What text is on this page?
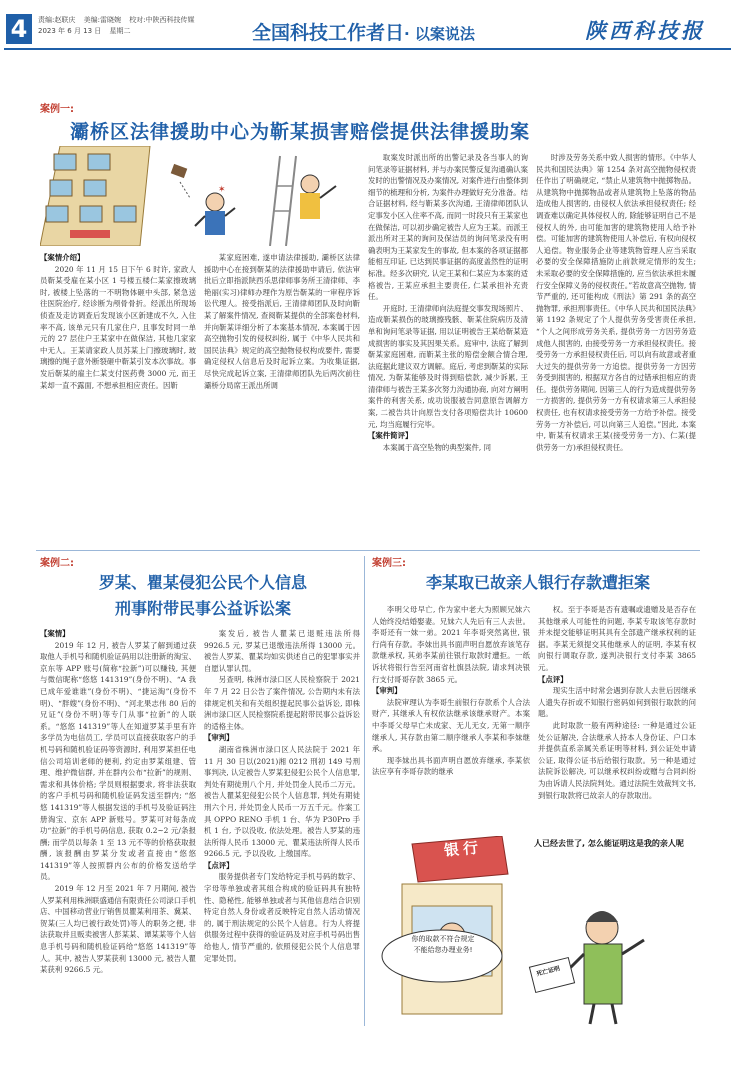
4	责编:赵联庆 美编:雷晓婉 校对:中陕西科技传媒
2023 年 6 月 13 日 星期二	全国科技工作者日· 以案说法	陕西科技报
案例一:
灞桥区法律援助中心为靳某损害赔偿提供法律援助案
✶
【案情介绍】

2020 年 11 月 15 日下午 6 时许, 家政人员靳某受雇在某小区 1 号楼五楼仁某家擦玻璃时, 被楼上坠落的一不明物体砸中头部, 紧急送往医院治疗, 经诊断为颅骨骨折。经派出所现场侦查及走访调查后发现该小区新建成不久, 入住率不高, 该单元只有几家住户, 且事发时同一单元的 27 层住户王某家中在做保洁, 其他几家家中无人。王某请家政人员苏某上门擦玻璃时, 玻璃擦的绳子意外断裂砸中靳某引发本次事故。事发后靳某的雇主仁某支付医药费 3000 元, 而王某却一直不露面, 不想承担相应责任。因靳

某家庭困难, 遂申请法律援助, 灞桥区法律援助中心在接到靳某的法律援助申请后, 依法审批后立即指派陕西乐思律师事务所王清律师、李艳丽(实习)律师办理作为原告靳某的一审程序诉讼代理人。接受指派后, 王清律师团队及时向靳某了解案件情况, 查阅靳某提供的全部案卷材料, 并向靳某详细分析了本案基本情况, 本案属于因高空抛物引发的侵权纠纷, 属于《中华人民共和国民法典》规定的高空抛物侵权构成要件, 需要确定侵权人信息后及时起诉立案。为收集证据, 尽快完成起诉立案, 王清律师团队先后两次前往灞桥分局席王派出所调

取案发时派出所的出警记录及各当事人的询问笔录等证据材料, 并与办案民警反复沟通确认案发时的出警情况及办案情况, 对案件进行由整体到细节的梳理和分析, 为案件办理做好充分准备。结合证据材料, 经与靳某多次沟通, 王清律师团队认定事发小区入住率不高, 而同一时段只有王某家也在做保洁, 可以初步确定被告人应为王某。而派王派出所对王某的询问及保洁员的询问笔录没有明确表明为王某家发生的事故, 但本案的各项证据都能相互印证, 已达到民事证据的高度盖然性的证明标准。经多次研究, 认定王某和仁某应为本案的适格被告, 王某应承担主要责任, 仁某承担补充责任。

开庭时, 王清律师向法庭提交事发现场照片、造成靳某损伤的玻璃擦残骸、靳某住院病历及清单和询问笔录等证据, 用以证明被告王某给靳某造成损害的事实及其因果关系。庭审中, 法庭了解到靳某家庭困难, 而靳某主张的赔偿金额合情合理, 法庭据此建议双方调解。庭后, 考虑到靳某的实际情况, 为靳某能够及时得到赔偿款, 减少诉累, 王清律师与被告王某多次努力沟通协商, 向对方阐明案件的利害关系, 成功说服被告同意原告调解方案, 二被告共计向原告支付各项赔偿共计 10600 元, 均当庭履行完毕。

【案件简评】

本案属于高空坠物的典型案件, 同

时涉及劳务关系中致人损害的情形。《中华人民共和国民法典》第 1254 条对高空抛物侵权责任作出了明确规定, “禁止从建筑物中抛掷物品。从建筑物中抛掷物品或者从建筑物上坠落的物品造成他人损害的, 由侵权人依法承担侵权责任; 经调查难以确定具体侵权人的, 除能够证明自己不是侵权人的外, 由可能加害的建筑物使用人给予补偿。可能加害的建筑物使用人补偿后, 有权向侵权人追偿。物业服务企业等建筑物管理人应当采取必要的安全保障措施防止前款规定情形的发生; 未采取必要的安全保障措施的, 应当依法承担未履行安全保障义务的侵权责任。”若故意高空抛物, 情节严重的, 还可能构成《刑法》第 291 条的高空抛物罪, 承担刑事责任。《中华人民共和国民法典》第 1192 条规定了个人提供劳务受害责任承担, “个人之间形成劳务关系, 提供劳务一方因劳务造成他人损害的, 由接受劳务一方承担侵权责任。接受劳务一方承担侵权责任后, 可以向有故意或者重大过失的提供劳务一方追偿。提供劳务一方因劳务受到损害的, 根据双方各自的过错承担相应的责任。提供劳务期间, 因第三人的行为造成提供劳务一方损害的, 提供劳务一方有权请求第三人承担侵权责任, 也有权请求接受劳务一方给予补偿。接受劳务一方补偿后, 可以向第三人追偿。”因此, 本案中, 靳某有权请求王某(接受劳务一方)、仁某(提供劳务一方)承担侵权责任。

案例二:
罗某、瞿某侵犯公民个人信息
刑事附带民事公益诉讼案
【案情】

2019 年 12 月, 被告人罗某了解到通过获取他人手机号和随机验证码用以注册新的淘宝、京东等 APP 账号(简称“拉新”)可以赚钱, 其便与微信昵称“悠悠 141319”(身份不明)、“A 我已成年爱谁谁”(身份不明)、“捷运淘”(身份不明)、“胖嫂”(身份不明)、“河北果志伟 80 后的兄证”(身份不明)等专门从事“拉新”的人联系。“悠悠 141319”等人在知道罗某手里有许多学员为电信员工, 学员可以直接获取客户的手机号码和随机验证码等资源时, 利用罗某担任电信公司培训老师的便利, 约定由罗某组建、管理、维护微信群, 并在群内公布“拉新”的规则、需求和具体价格; 学员则根据要求, 将非法获取的客户手机号码和随机验证码发送至群内; “悠悠 141319”等人根据发送的手机号及验证码注册淘宝、京东 APP 新账号。罗某可对每条成功“拉新”的手机号码信息, 获取 0.2~2 元/条报酬; 而学员以每条 1 至 13 元不等的价格获取报酬, 该报酬由罗某分发或者直接由“悠悠 141319”等人按照群内公布的价格发送给学员。

2019 年 12 月至 2021 年 7 月期间, 被告人罗某利用株洲联盛通信有限责任公司渌口手机店、中国移动营业厅销售员瞿某利用茶、冀某、贺某(三人均已被行政处罚)等人的职务之便, 非法获取并且贩卖被害人彭某某、谭某某等个人信息手机号码和随机验证码给“悠悠 141319”等人。其中, 被告人罗某获利 13000 元, 被告人瞿某获利 9266.5 元。

案发后, 被告人瞿某已退赃违法所得 9926.5 元, 罗某已退缴违法所得 13000 元。被告人罗某、瞿某均如实供述自己的犯罪事实并自愿认罪认罚。

另查明, 株洲市渌口区人民检察院于 2021 年 7 月 22 日公告了案件情况, 公告期内未有法律规定机关和有关组织提起民事公益诉讼, 即株洲市渌口区人民检察院系提起附带民事公益诉讼的适格主体。

【审判】

湖南省株洲市渌口区人民法院于 2021 年 11 月 30 日以(2021)湘 0212 刑初 149 号刑事判决, 认定被告人罗某犯侵犯公民个人信息罪, 判处有期徒刑八个月, 并处罚金人民币二万元。被告人瞿某犯侵犯公民个人信息罪, 判处有期徒刑六个月, 并处罚金人民币一万五千元。作案工具 OPPO RENO 手机 1 台、华为 P30Pro 手机 1 台, 予以没收, 依法处理。被告人罗某的违法所得人民币 13000 元、瞿某违法所得人民币 9266.5 元, 予以没收, 上缴国库。

【点评】

服务提供者专门发给特定手机号码的数字、字母等单独或者其组合构成的验证码具有独特性、隐秘性, 能够单独或者与其他信息结合识别特定自然人身份或者反映特定自然人活动情况的, 属于刑法规定的公民个人信息。行为人将提供服务过程中获得的验证码及对应手机号码出售给他人, 情节严重的, 依照侵犯公民个人信息罪定罪处罚。

案例三:
李某取已故亲人银行存款遭拒案

李明父母早亡, 作为家中老大为照顾兄妹六人始终没结婚娶妻。兄妹六人先后有三人去世。李哥还有一妹一弟。2021 年李哥突然离世, 银行尚有存款。李妹出具书面声明自愿放弃该笔存款继承权, 其弟李某前往银行取款时遭拒。一纸诉状将银行告至河南省杜旗县法院, 请求判决银行支付哥哥存款 3865 元。

【审判】

法院审理认为李哥生前银行存款系个人合法财产, 其继承人有权依法继承该继承财产。本案中李哥父母早亡未成家、无儿无女, 无第一顺序继承人, 其存款由第二顺序继承人李某和李妹继承。

现李妹出具书面声明自愿放弃继承, 李某依法应享有李哥存款的继承

权。至于李哥是否有遗嘱或遗赠及是否存在其他继承人可能性的问题, 李某专取该笔存款时并未提交能够证明其具有全部遗产继承权利的证据。李某无须提交其他继承人的证明, 李某有权向银行调取存款, 遂判决银行支付李某 3865 元。

【点评】

现实生活中时常会遇到存款人去世后因继承人遗失存折或不知银行密码如何到银行取款的问题。

此时取款一般有两种途径: 一种是通过公证处公证解决, 合法继承人持本人身份证、户口本并提供直系亲属关系证明等材料, 到公证处申请公证, 取得公证书后给银行取款。另一种是通过法院诉讼解决, 可以继承权纠纷或赠与合同纠纷为由诉请人民法院判处。通过法院生效裁判文书, 到银行取款将已故亲人的存款取出。

人已经去世了, 怎么能证明这是我的亲人呢
银行
你的取款不符合规定
不能给您办理业务!
死亡证明
